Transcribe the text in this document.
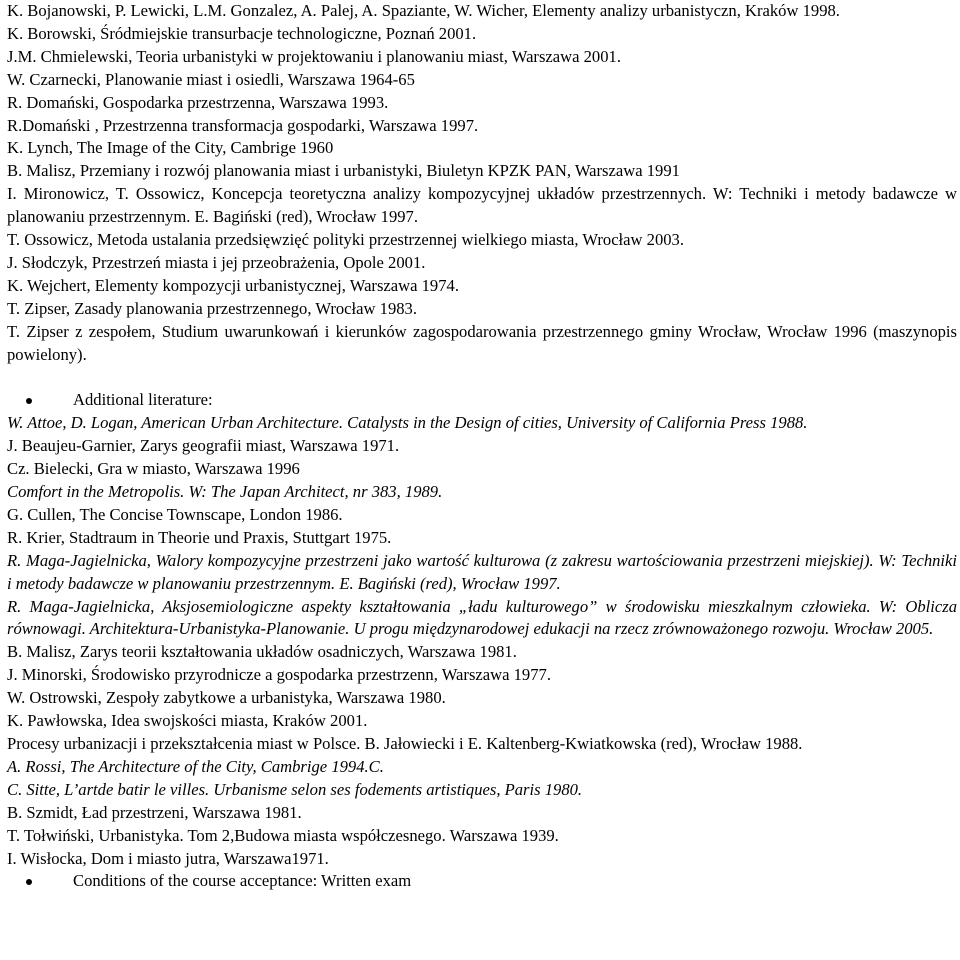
K. Bojanowski, P. Lewicki, L.M. Gonzalez, A. Palej, A. Spaziante, W. Wicher, Elementy analizy urbanistyczn, Kraków 1998.

K. Borowski, Śródmiejskie transurbacje technologiczne, Poznań 2001.

J.M. Chmielewski, Teoria urbanistyki w projektowaniu i planowaniu miast, Warszawa 2001.

W. Czarnecki, Planowanie miast i osiedli, Warszawa 1964-65

R. Domański, Gospodarka przestrzenna, Warszawa 1993.

R.Domański , Przestrzenna transformacja gospodarki, Warszawa 1997.

K. Lynch, The Image of the City, Cambrige 1960

B. Malisz, Przemiany i rozwój planowania miast i urbanistyki, Biuletyn KPZK PAN, Warszawa 1991

I. Mironowicz, T. Ossowicz, Koncepcja teoretyczna analizy kompozycyjnej układów przestrzennych. W: Techniki i metody badawcze w planowaniu przestrzennym. E. Bagiński (red), Wrocław 1997.

T. Ossowicz, Metoda ustalania przedsięwzięć polityki przestrzennej wielkiego miasta, Wrocław 2003.

J. Słodczyk, Przestrzeń miasta i jej przeobrażenia, Opole 2001.

K. Wejchert, Elementy kompozycji urbanistycznej, Warszawa 1974.

T. Zipser, Zasady planowania przestrzennego, Wrocław 1983.

T. Zipser z zespołem, Studium uwarunkowań i kierunków zagospodarowania przestrzennego gminy Wrocław, Wrocław 1996 (maszynopis powielony).

Additional literature:

W. Attoe, D. Logan, American Urban Architecture. Catalysts in the Design of cities, University of California Press 1988.

J. Beaujeu-Garnier, Zarys geografii miast, Warszawa 1971.

Cz. Bielecki, Gra w miasto, Warszawa 1996

Comfort in the Metropolis. W: The Japan Architect, nr 383, 1989.

G. Cullen, The Concise Townscape, London 1986.

R. Krier, Stadtraum in Theorie und Praxis, Stuttgart 1975.

R. Maga-Jagielnicka, Walory kompozycyjne przestrzeni jako wartość kulturowa (z zakresu wartościowania przestrzeni miejskiej). W: Techniki i metody badawcze w planowaniu przestrzennym. E. Bagiński (red), Wrocław 1997.

R. Maga-Jagielnicka, Aksjosemiologiczne aspekty kształtowania „ładu kulturowego” w środowisku mieszkalnym człowieka. W: Oblicza równowagi. Architektura-Urbanistyka-Planowanie. U progu międzynarodowej edukacji na rzecz zrównoważonego rozwoju. Wrocław 2005.

B. Malisz, Zarys teorii kształtowania układów osadniczych, Warszawa 1981.

J. Minorski, Środowisko przyrodnicze a gospodarka przestrzenn, Warszawa 1977.

W. Ostrowski, Zespoły zabytkowe a urbanistyka, Warszawa 1980.

K. Pawłowska, Idea swojskości miasta, Kraków 2001.

Procesy urbanizacji i przekształcenia miast w Polsce. B. Jałowiecki i E. Kaltenberg-Kwiatkowska (red), Wrocław 1988.

A. Rossi, The Architecture of the City, Cambrige 1994.C.

C. Sitte, L’artde batir le villes. Urbanisme selon ses fodements artistiques, Paris 1980.

B. Szmidt, Ład przestrzeni, Warszawa 1981.

T. Tołwiński, Urbanistyka. Tom 2,Budowa miasta współczesnego. Warszawa 1939.

I. Wisłocka, Dom i miasto jutra, Warszawa1971.

Conditions of the course acceptance: Written exam
